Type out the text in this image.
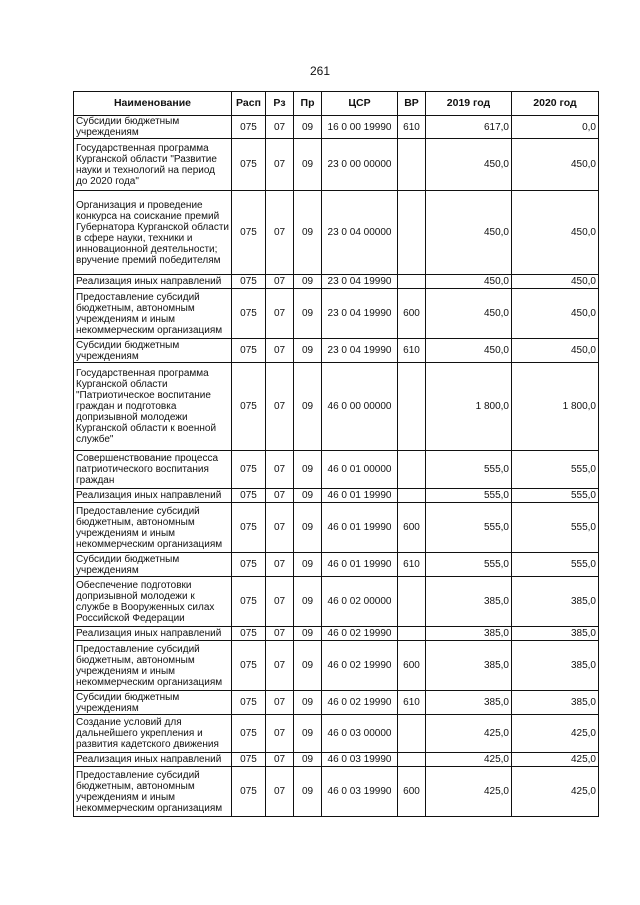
261
Наименование	Расп	Рз	Пр	ЦСР	ВР	2019 год	2020 год
Субсидии бюджетным учреждениям	075	07	09	16 0 00 19990	610	617,0	0,0
Государственная программа Курганской области "Развитие науки и технологий на период до 2020 года"	075	07	09	23 0 00 00000		450,0	450,0
Организация и проведение конкурса на соискание премий Губернатора Курганской области в сфере науки, техники и инновационной деятельности; вручение премий победителям	075	07	09	23 0 04 00000		450,0	450,0
Реализация иных направлений	075	07	09	23 0 04 19990		450,0	450,0
Предоставление субсидий бюджетным, автономным учреждениям и иным некоммерческим организациям	075	07	09	23 0 04 19990	600	450,0	450,0
Субсидии бюджетным учреждениям	075	07	09	23 0 04 19990	610	450,0	450,0
Государственная программа Курганской области "Патриотическое воспитание граждан и подготовка допризывной молодежи Курганской области к военной службе"	075	07	09	46 0 00 00000		1 800,0	1 800,0
Совершенствование процесса патриотического воспитания граждан	075	07	09	46 0 01 00000		555,0	555,0
Реализация иных направлений	075	07	09	46 0 01 19990		555,0	555,0
Предоставление субсидий бюджетным, автономным учреждениям и иным некоммерческим организациям	075	07	09	46 0 01 19990	600	555,0	555,0
Субсидии бюджетным учреждениям	075	07	09	46 0 01 19990	610	555,0	555,0
Обеспечение подготовки допризывной молодежи к службе в Вооруженных силах Российской Федерации	075	07	09	46 0 02 00000		385,0	385,0
Реализация иных направлений	075	07	09	46 0 02 19990		385,0	385,0
Предоставление субсидий бюджетным, автономным учреждениям и иным некоммерческим организациям	075	07	09	46 0 02 19990	600	385,0	385,0
Субсидии бюджетным учреждениям	075	07	09	46 0 02 19990	610	385,0	385,0
Создание условий для дальнейшего укрепления и развития кадетского движения	075	07	09	46 0 03 00000		425,0	425,0
Реализация иных направлений	075	07	09	46 0 03 19990		425,0	425,0
Предоставление субсидий бюджетным, автономным учреждениям и иным некоммерческим организациям	075	07	09	46 0 03 19990	600	425,0	425,0
